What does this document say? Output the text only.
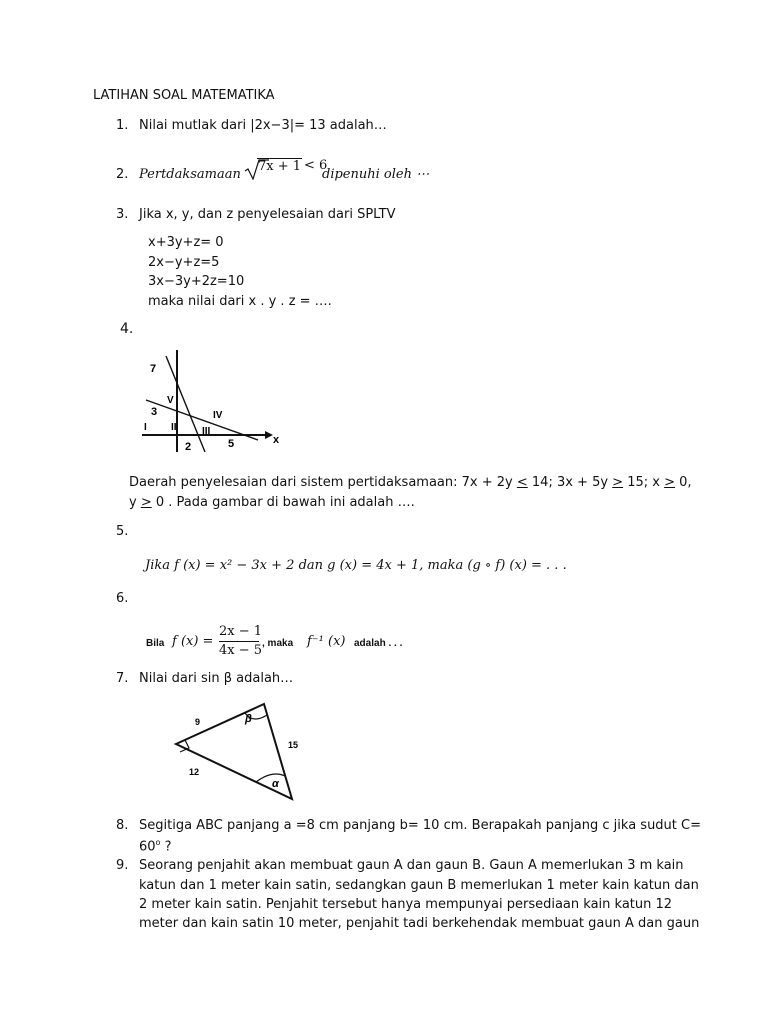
LATIHAN SOAL MATEMATIKA
1. Nilai mutlak dari |2x−3|= 13 adalah…
2. Pertdaksamaan
7x + 1 < 6
dipenuhi oleh ⋯
3. Jika x, y, dan z penyelesaian dari SPLTV
x+3y+z= 0
2x−y+z=5
3x−3y+2z=10
maka nilai dari x . y . z = ….
4.
7
3
2	5	x
I II	III
IV
V
Daerah penyelesaian dari sistem pertidaksamaan: 7x + 2y < 14; 3x + 5y > 15; x > 0,
y > 0 . Pada gambar di bawah ini adalah ….
5.
Jika f (x) = x² − 3x + 2 dan g (x) = 4x + 1, maka (g ∘ f) (x) = . . .
6.
Bila f (x) =
2x − 1
4x − 5 , maka f⁻¹ (x) adalah . . .
7. Nilai dari sin β adalah…
9
15
12
β
α
8. Segitiga ABC panjang a =8 cm panjang b= 10 cm. Berapakah panjang c jika sudut C=
$60^o$ ?
9. Seorang penjahit akan membuat gaun A dan gaun B. Gaun A memerlukan 3 m kain
katun dan 1 meter kain satin, sedangkan gaun B memerlukan 1 meter kain katun dan
2 meter kain satin. Penjahit tersebut hanya mempunyai persediaan kain katun 12
meter dan kain satin 10 meter, penjahit tadi berkehendak membuat gaun A dan gaun
